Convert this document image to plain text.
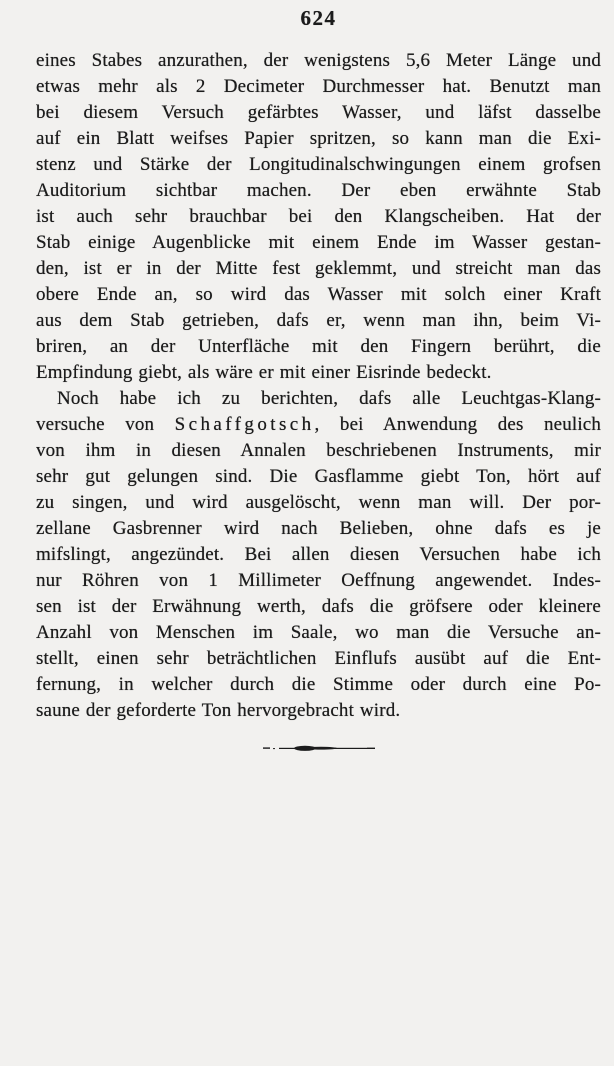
624
eines Stabes anzurathen, der wenigstens 5,6 Meter Länge und
etwas mehr als 2 Decimeter Durchmesser hat. Benutzt man
bei diesem Versuch gefärbtes Wasser, und läfst dasselbe
auf ein Blatt weifses Papier spritzen, so kann man die Exi-
stenz und Stärke der Longitudinalschwingungen einem grofsen
Auditorium sichtbar machen. Der eben erwähnte Stab
ist auch sehr brauchbar bei den Klangscheiben. Hat der
Stab einige Augenblicke mit einem Ende im Wasser gestan-
den, ist er in der Mitte fest geklemmt, und streicht man das
obere Ende an, so wird das Wasser mit solch einer Kraft
aus dem Stab getrieben, dafs er, wenn man ihn, beim Vi-
briren, an der Unterfläche mit den Fingern berührt, die
Empfindung giebt, als wäre er mit einer Eisrinde bedeckt.
Noch habe ich zu berichten, dafs alle Leuchtgas-Klang-
versuche von Schaffgotsch, bei Anwendung des neulich
von ihm in diesen Annalen beschriebenen Instruments, mir
sehr gut gelungen sind. Die Gasflamme giebt Ton, hört auf
zu singen, und wird ausgelöscht, wenn man will. Der por-
zellane Gasbrenner wird nach Belieben, ohne dafs es je
mifslingt, angezündet. Bei allen diesen Versuchen habe ich
nur Röhren von 1 Millimeter Oeffnung angewendet. Indes-
sen ist der Erwähnung werth, dafs die gröfsere oder kleinere
Anzahl von Menschen im Saale, wo man die Versuche an-
stellt, einen sehr beträchtlichen Einflufs ausübt auf die Ent-
fernung, in welcher durch die Stimme oder durch eine Po-
saune der geforderte Ton hervorgebracht wird.
